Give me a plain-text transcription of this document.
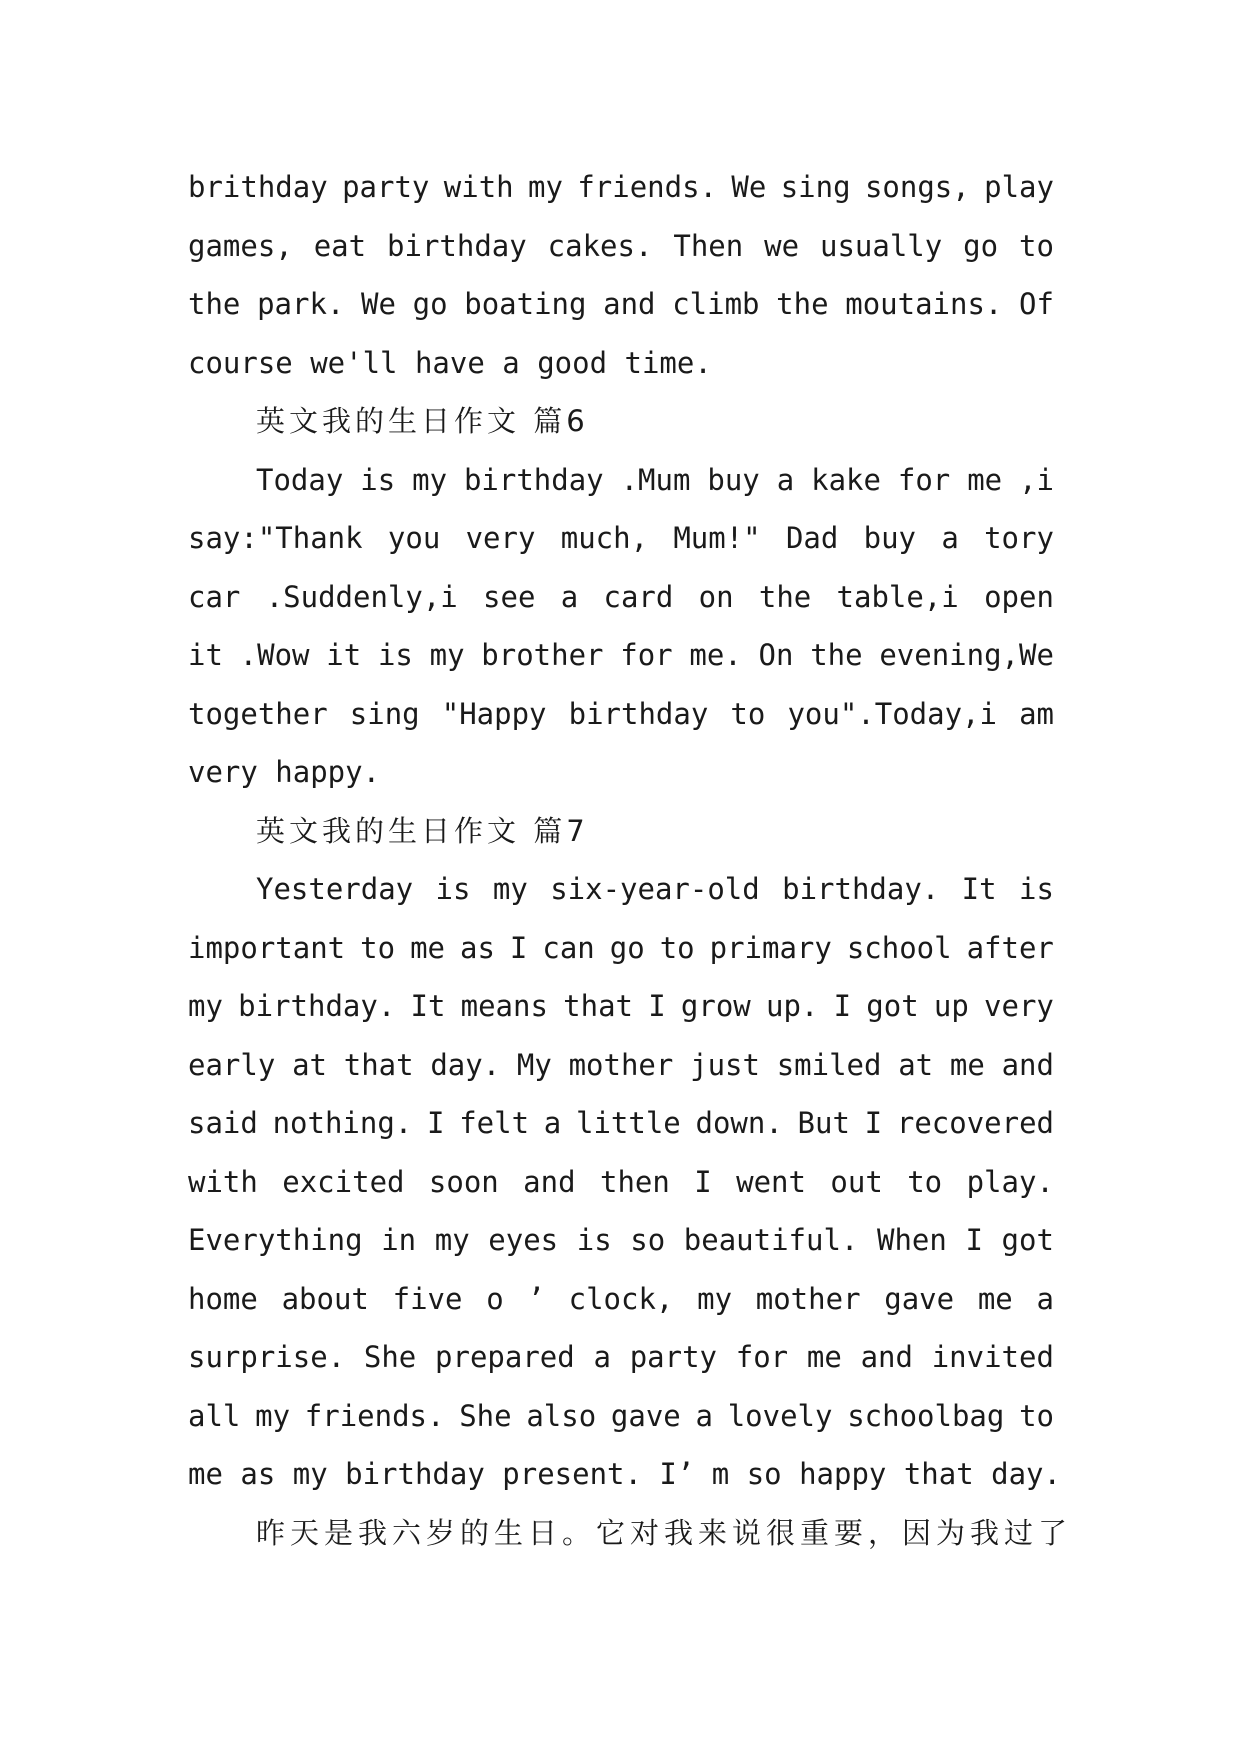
brithday party with my friends. We sing songs, play
games, eat birthday cakes. Then we usually go to
the park. We go boating and climb the moutains. Of
course we'll have a good time.
英文我的生日作文 篇6
Today is my birthday .Mum buy a kake for me ,i
say:"Thank you very much, Mum!" Dad buy a tory
car .Suddenly,i see a card on the table,i open
it .Wow it is my brother for me. On the evening,We
together sing "Happy birthday to you".Today,i am
very happy.
英文我的生日作文 篇7
Yesterday is my six-year-old birthday. It is
important to me as I can go to primary school after
my birthday. It means that I grow up. I got up very
early at that day. My mother just smiled at me and
said nothing. I felt a little down. But I recovered
with excited soon and then I went out to play.
Everything in my eyes is so beautiful. When I got
home about five o ’ clock, my mother gave me a
surprise. She prepared a party for me and invited
all my friends. She also gave a lovely schoolbag to
me as my birthday present. I’ m so happy that day.
昨天是我六岁的生日。它对我来说很重要，因为我过了
